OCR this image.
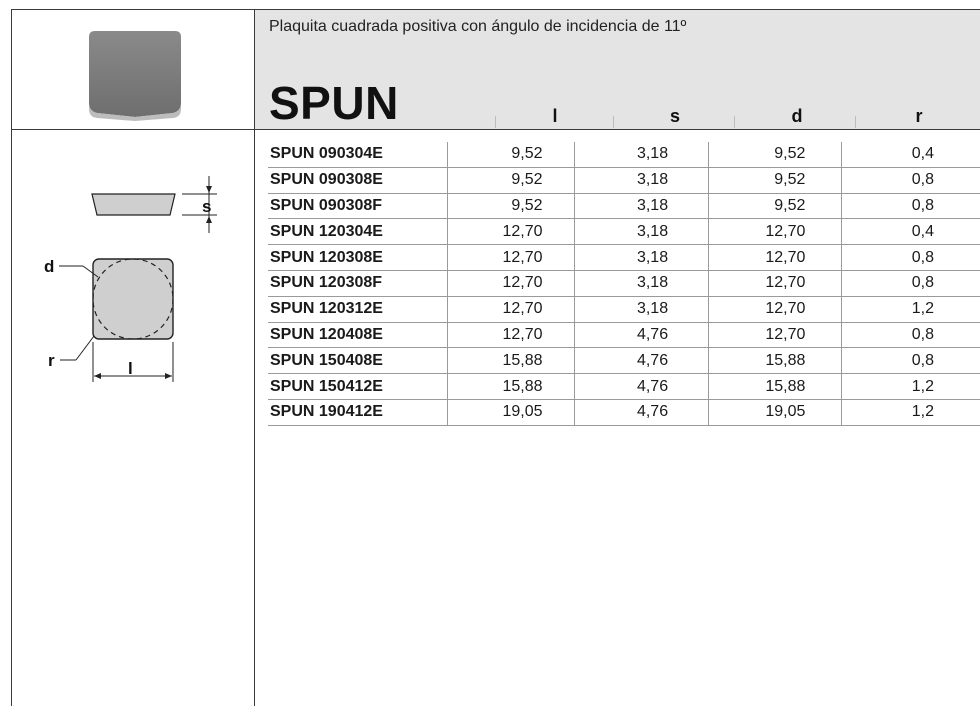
Plaquita cuadrada positiva con ángulo de incidencia de 11º
SPUN	l	s	d	r
s
d
r	l
SPUN 090304E	9,52	3,18	9,52	0,4
SPUN 090308E	9,52	3,18	9,52	0,8
SPUN 090308F	9,52	3,18	9,52	0,8
SPUN 120304E	12,70	3,18	12,70	0,4
SPUN 120308E	12,70	3,18	12,70	0,8
SPUN 120308F	12,70	3,18	12,70	0,8
SPUN 120312E	12,70	3,18	12,70	1,2
SPUN 120408E	12,70	4,76	12,70	0,8
SPUN 150408E	15,88	4,76	15,88	0,8
SPUN 150412E	15,88	4,76	15,88	1,2
SPUN 190412E	19,05	4,76	19,05	1,2
